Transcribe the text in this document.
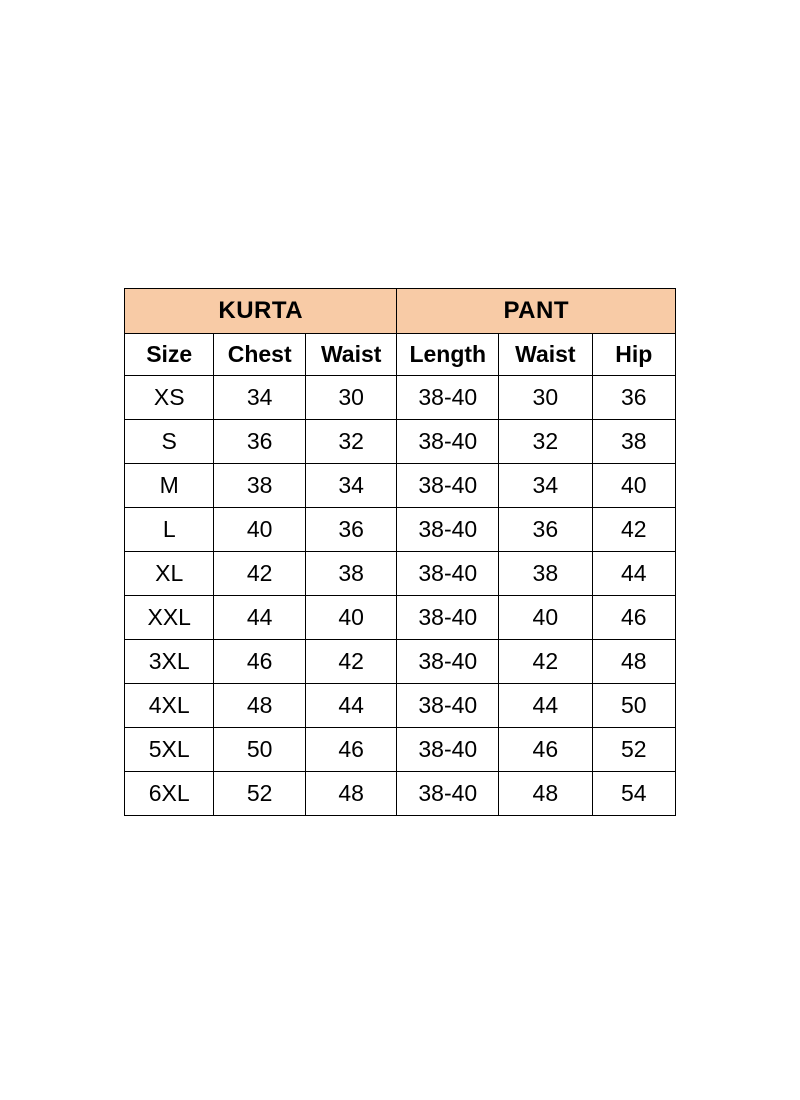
KURTA			PANT		
Size	Chest	Waist	Length	Waist	Hip
XS	34	30	38-40	30	36
S	36	32	38-40	32	38
M	38	34	38-40	34	40
L	40	36	38-40	36	42
XL	42	38	38-40	38	44
XXL	44	40	38-40	40	46
3XL	46	42	38-40	42	48
4XL	48	44	38-40	44	50
5XL	50	46	38-40	46	52
6XL	52	48	38-40	48	54
